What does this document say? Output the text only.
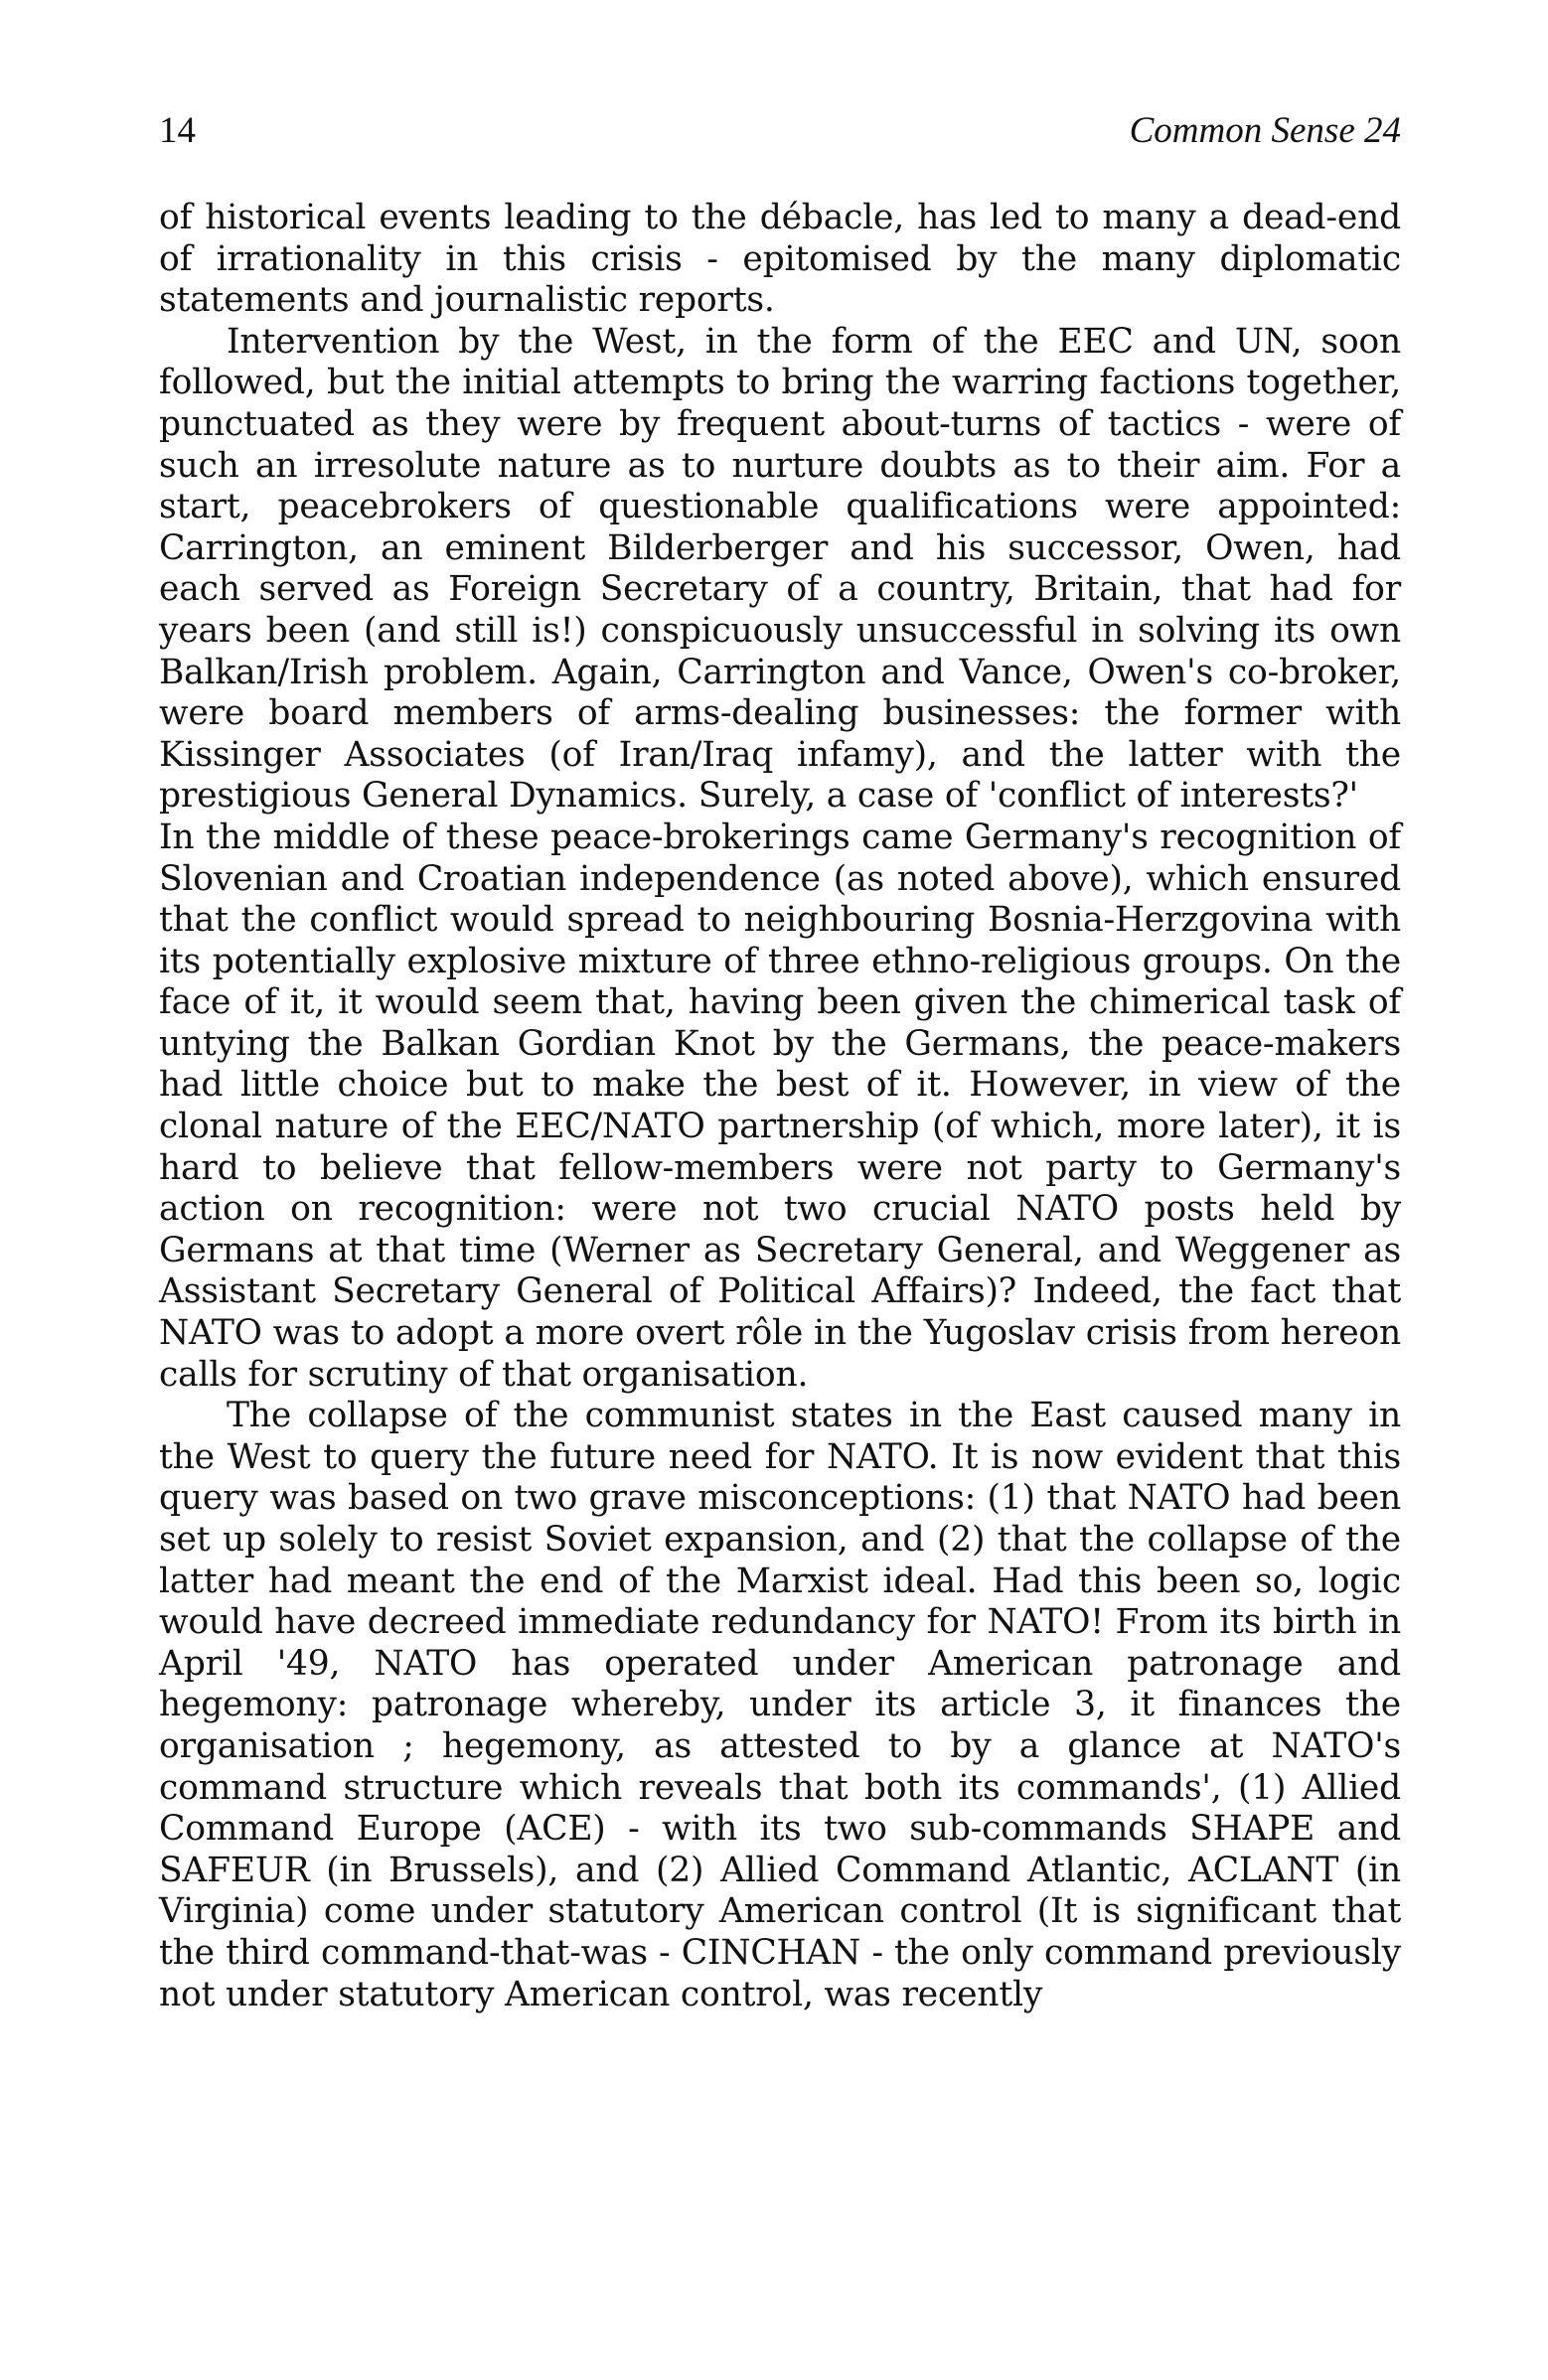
14	Common Sense 24

of historical events leading to the débacle, has led to many a dead-end of irrationality in this crisis - epitomised by the many diplomatic statements and journalistic reports.

Intervention by the West, in the form of the EEC and UN, soon followed, but the initial attempts to bring the warring factions together, punctuated as they were by frequent about-turns of tactics - were of such an irresolute nature as to nurture doubts as to their aim. For a start, peacebrokers of questionable qualifications were appointed: Carrington, an eminent Bilderberger and his successor, Owen, had each served as Foreign Secretary of a country, Britain, that had for years been (and still is!) conspicuously unsuccessful in solving its own Balkan/Irish problem. Again, Carrington and Vance, Owen's co-broker, were board members of arms-dealing businesses: the former with Kissinger Associates (of Iran/Iraq infamy), and the latter with the prestigious General Dynamics. Surely, a case of 'conflict of interests?'

In the middle of these peace-brokerings came Germany's recognition of Slovenian and Croatian independence (as noted above), which ensured that the conflict would spread to neighbouring Bosnia-Herzgovina with its potentially explosive mixture of three ethno-religious groups. On the face of it, it would seem that, having been given the chimerical task of untying the Balkan Gordian Knot by the Germans, the peace-makers had little choice but to make the best of it. However, in view of the clonal nature of the EEC/NATO partnership (of which, more later), it is hard to believe that fellow-members were not party to Germany's action on recognition: were not two crucial NATO posts held by Germans at that time (Werner as Secretary General, and Weggener as Assistant Secretary General of Political Affairs)? Indeed, the fact that NATO was to adopt a more overt rôle in the Yugoslav crisis from hereon calls for scrutiny of that organisation.

The collapse of the communist states in the East caused many in the West to query the future need for NATO. It is now evident that this query was based on two grave misconceptions: (1) that NATO had been set up solely to resist Soviet expansion, and (2) that the collapse of the latter had meant the end of the Marxist ideal. Had this been so, logic would have decreed immediate redundancy for NATO! From its birth in April '49, NATO has operated under American patronage and hegemony: patronage whereby, under its article 3, it finances the organisation ; hegemony, as attested to by a glance at NATO's command structure which reveals that both its commands', (1) Allied Command Europe (ACE) - with its two sub-commands SHAPE and SAFEUR (in Brussels), and (2) Allied Command Atlantic, ACLANT (in Virginia) come under statutory American control (It is significant that the third command-that-was - CINCHAN - the only command previously not under statutory American control, was recently
